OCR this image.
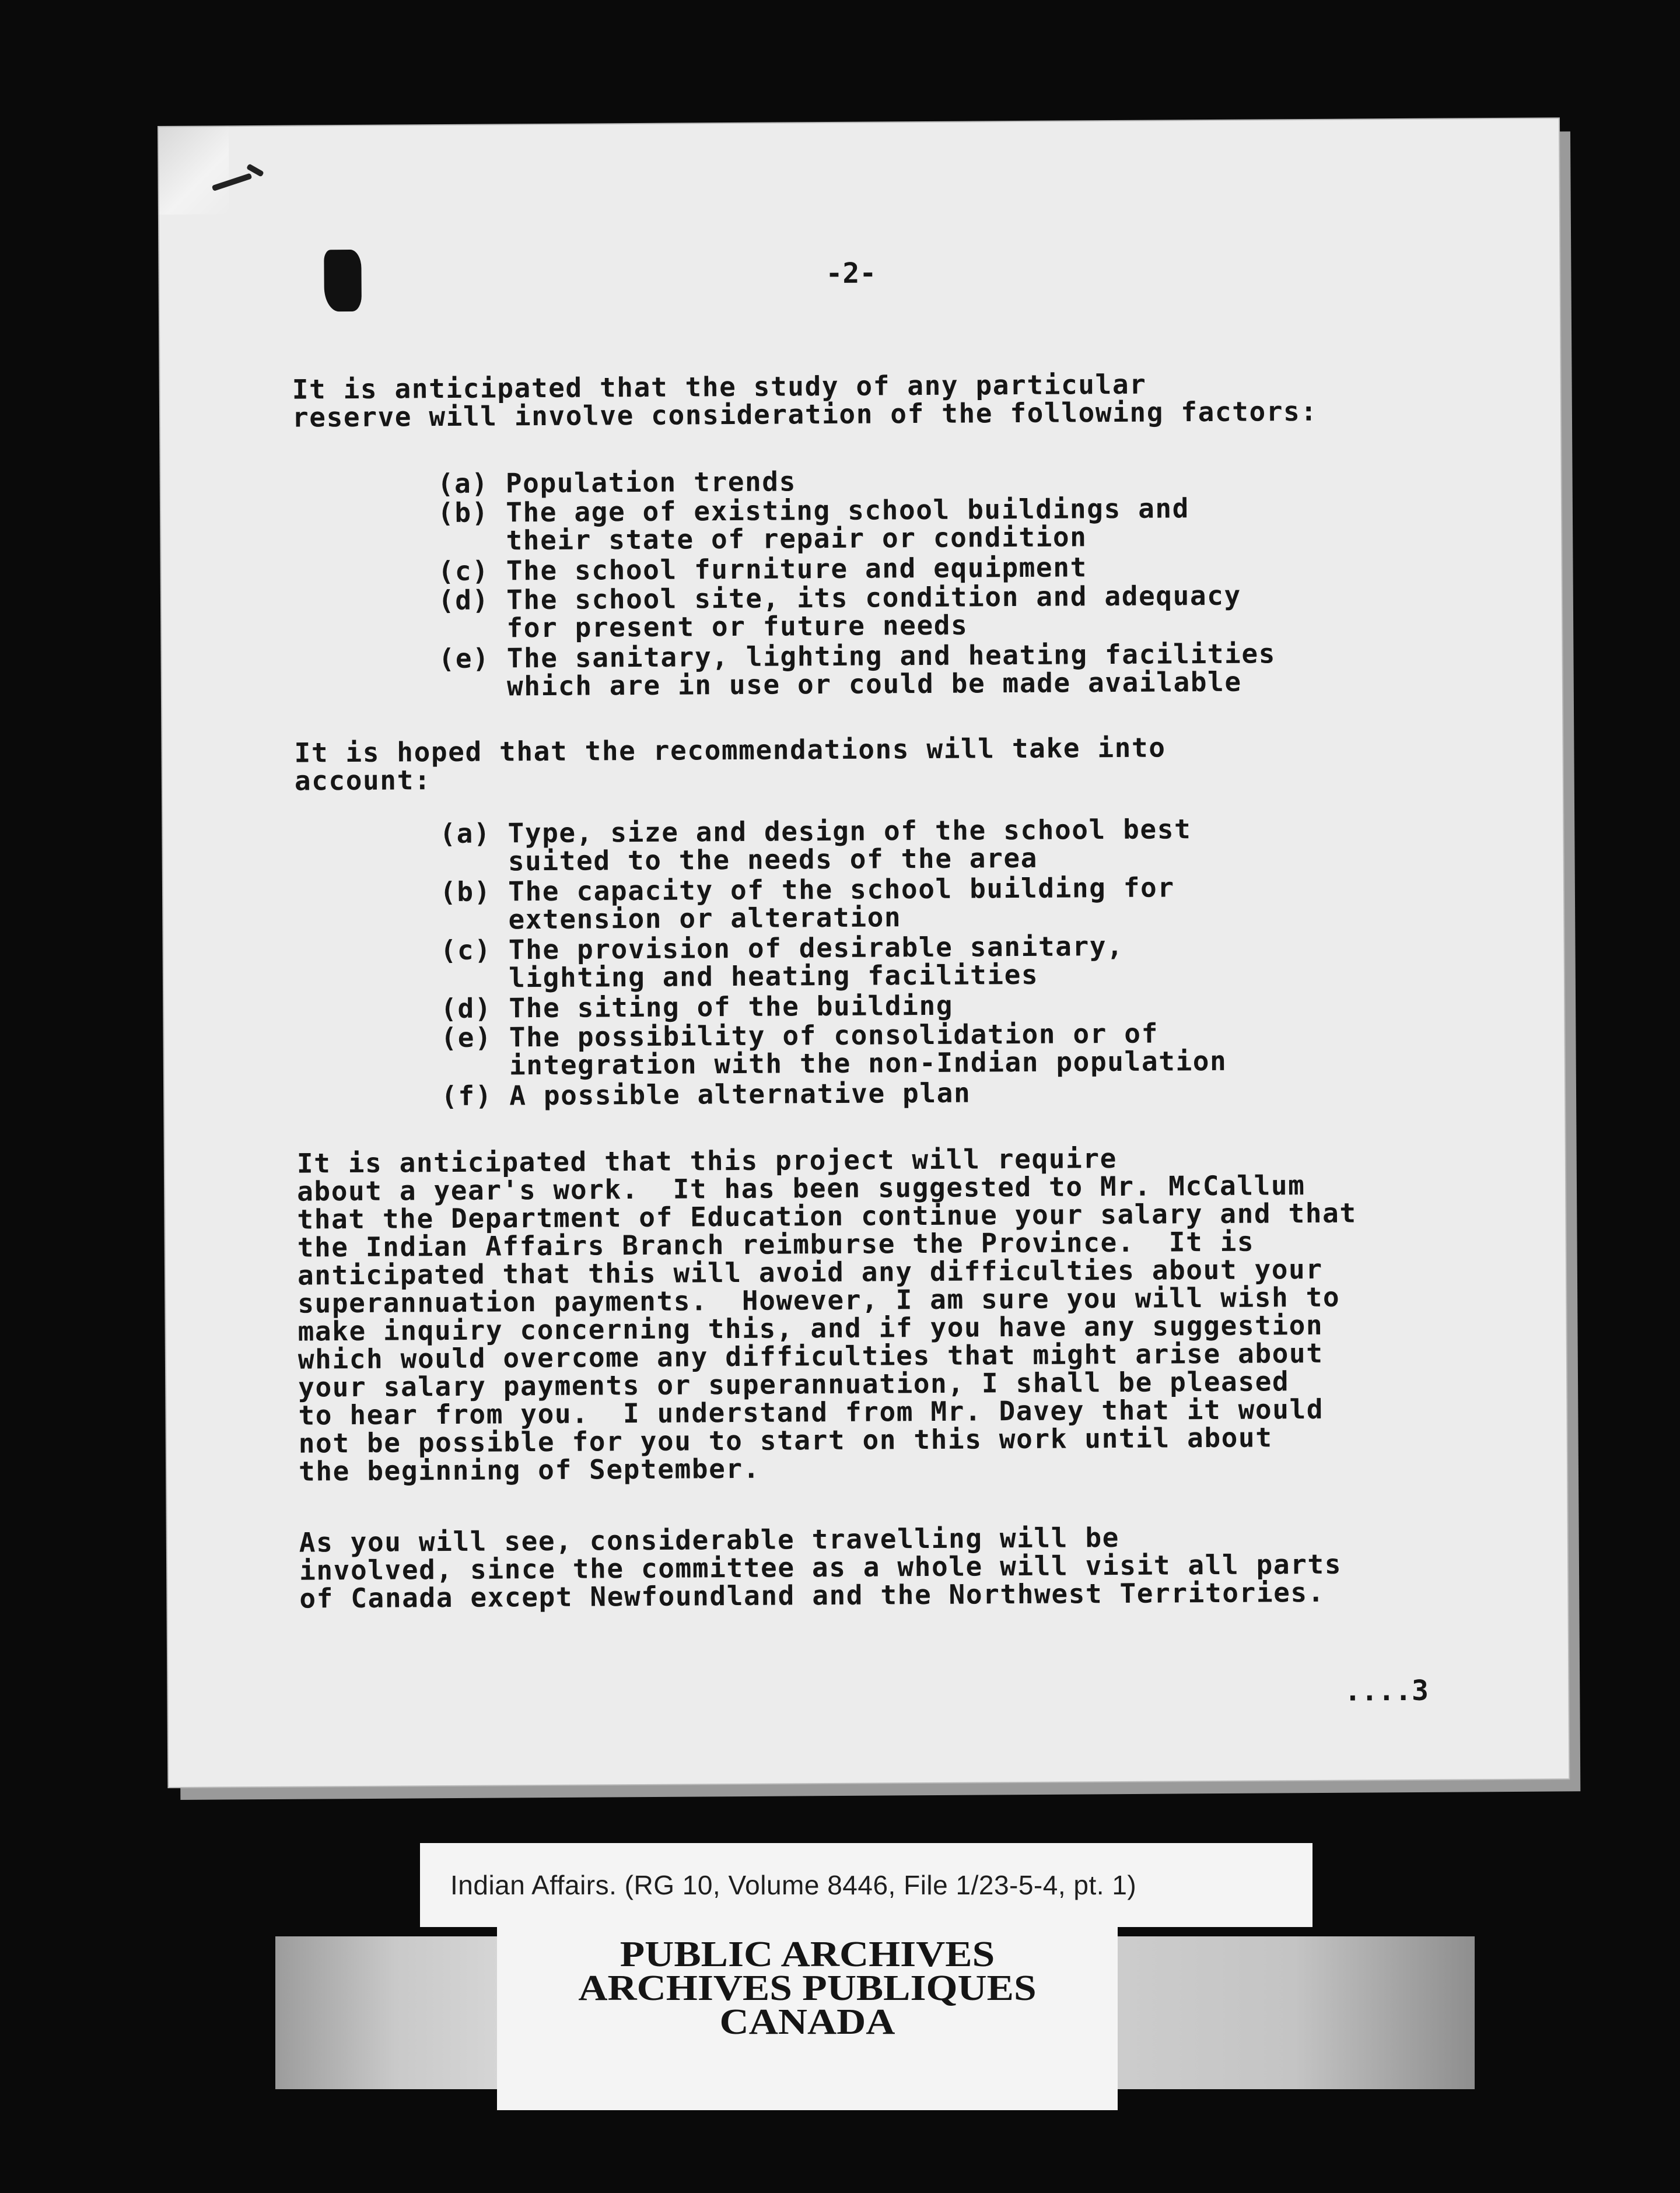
-2-
It is anticipated that the study of any particular
reserve will involve consideration of the following factors:
(a) Population trends
(b) The age of existing school buildings and
their state of repair or condition
(c) The school furniture and equipment
(d) The school site, its condition and adequacy
for present or future needs
(e) The sanitary, lighting and heating facilities
which are in use or could be made available
It is hoped that the recommendations will take into
account:
(a) Type, size and design of the school best
suited to the needs of the area
(b) The capacity of the school building for
extension or alteration
(c) The provision of desirable sanitary,
lighting and heating facilities
(d) The siting of the building
(e) The possibility of consolidation or of
integration with the non-Indian population
(f) A possible alternative plan
It is anticipated that this project will require
about a year's work.  It has been suggested to Mr. McCallum
that the Department of Education continue your salary and that
the Indian Affairs Branch reimburse the Province.  It is
anticipated that this will avoid any difficulties about your
superannuation payments.  However, I am sure you will wish to
make inquiry concerning this, and if you have any suggestion
which would overcome any difficulties that might arise about
your salary payments or superannuation, I shall be pleased
to hear from you.  I understand from Mr. Davey that it would
not be possible for you to start on this work until about
the beginning of September.
As you will see, considerable travelling will be
involved, since the committee as a whole will visit all parts
of Canada except Newfoundland and the Northwest Territories.
....3
Indian Affairs. (RG 10, Volume 8446, File 1/23-5-4, pt. 1)
PUBLIC ARCHIVES
ARCHIVES PUBLIQUES
CANADA
